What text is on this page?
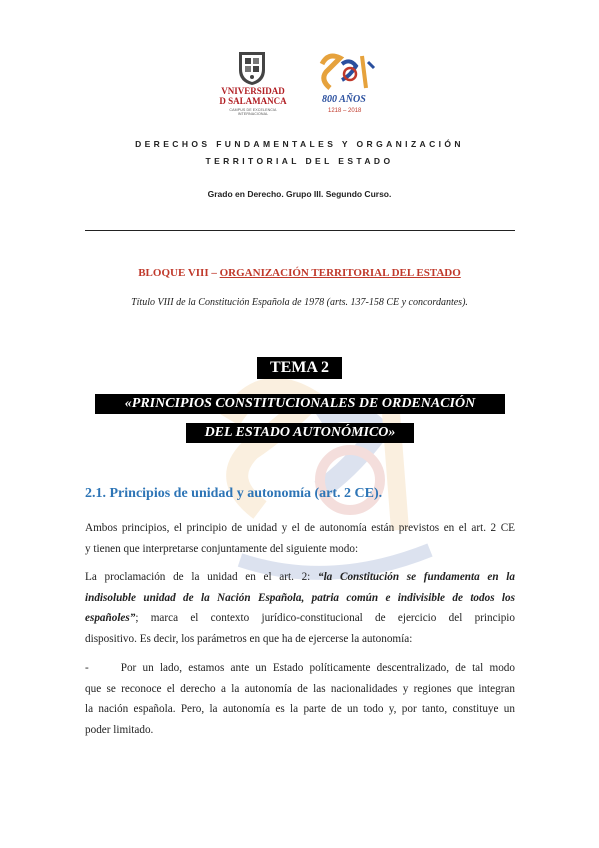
VNIVERSIDAD
D SALAMANCA
CAMPUS DE EXCELENCIA INTERNACIONAL
800 AÑOS
1218 – 2018
DERECHOS FUNDAMENTALES Y ORGANIZACIÓN
TERRITORIAL DEL ESTADO
Grado en Derecho. Grupo III. Segundo Curso.
BLOQUE VIII – ORGANIZACIÓN TERRITORIAL DEL ESTADO
Título VIII de la Constitución Española de 1978 (arts. 137-158 CE y concordantes).
TEMA 2
«PRINCIPIOS CONSTITUCIONALES DE ORDENACIÓN
DEL ESTADO AUTONÓMICO»
2.1. Principios de unidad y autonomía (art. 2 CE).
Ambos principios, el principio de unidad y el de autonomía están previstos en el art. 2 CE
y tienen que interpretarse conjuntamente del siguiente modo:
La proclamación de la unidad en el art. 2: “la Constitución se fundamenta en la
indisoluble unidad de la Nación Española, patria común e indivisible de todos los
españoles”; marca el contexto jurídico-constitucional de ejercicio del principio
dispositivo. Es decir, los parámetros en que ha de ejercerse la autonomía:
-	Por un lado, estamos ante un Estado políticamente descentralizado, de tal modo
que se reconoce el derecho a la autonomía de las nacionalidades y regiones que integran
la nación española. Pero, la autonomía es la parte de un todo y, por tanto, constituye un
poder limitado.
